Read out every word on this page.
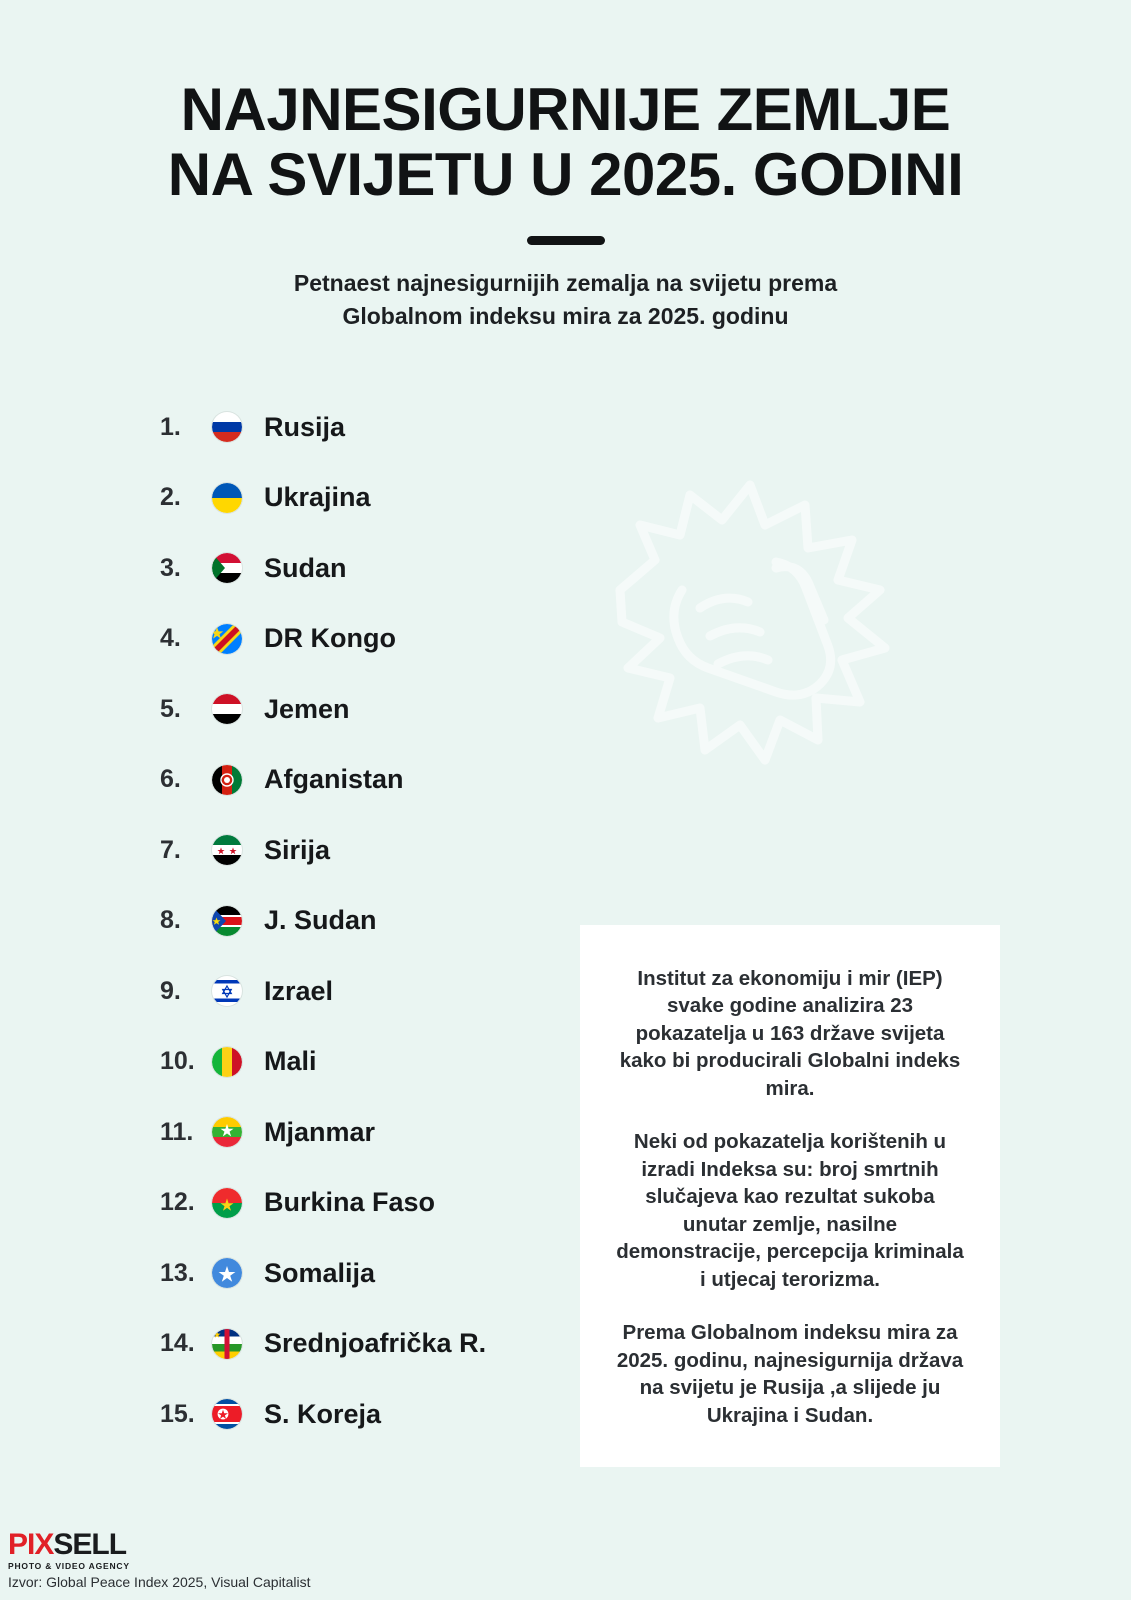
NAJNESIGURNIJE ZEMLJE
NA SVIJETU U 2025. GODINI
Petnaest najnesigurnijih zemalja na svijetu prema
Globalnom indeksu mira za 2025. godinu
1.	Rusija
2.	Ukrajina
3.	Sudan
4.	DR Kongo
5.	Jemen
6.	Afganistan
7.	Sirija
8.	J. Sudan
9.	Izrael
10.	Mali
11.	Mjanmar
12.	Burkina Faso
13.	Somalija
14.	Srednjoafrička R.
15.	S. Koreja

Institut za ekonomiju i mir (IEP) svake godine analizira 23 pokazatelja u 163 države svijeta kako bi producirali Globalni indeks mira.

Neki od pokazatelja korištenih u izradi Indeksa su: broj smrtnih slučajeva kao rezultat sukoba unutar zemlje, nasilne demonstracije, percepcija kriminala i utjecaj terorizma.

Prema Globalnom indeksu mira za 2025. godinu, najnesigurnija država na svijetu je Rusija ,a slijede ju Ukrajina i Sudan.

PIXSELL
PHOTO & VIDEO AGENCY
Izvor: Global Peace Index 2025, Visual Capitalist
